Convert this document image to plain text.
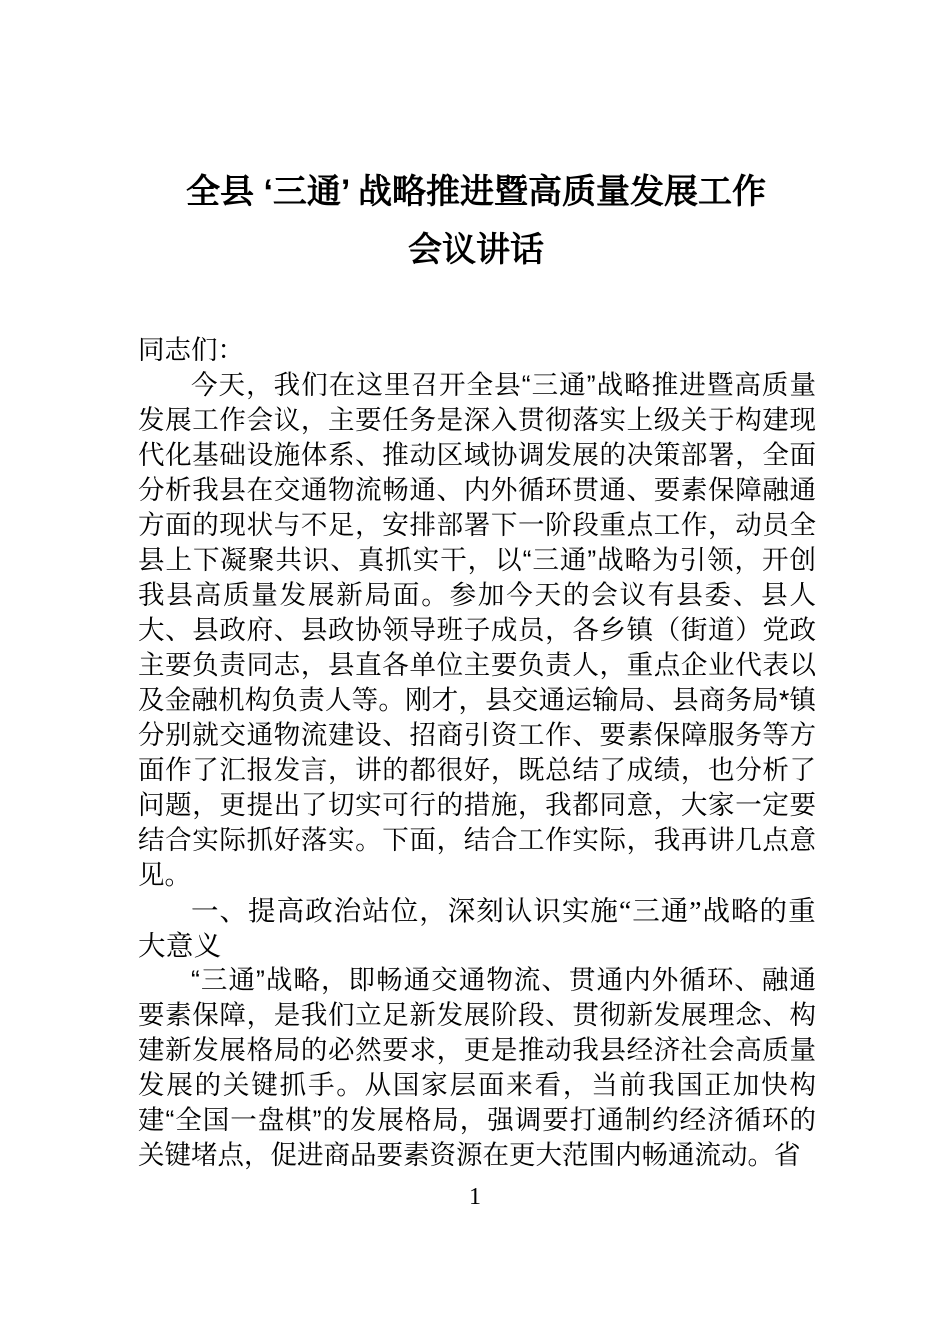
全县 ‘三通’ 战略推进暨高质量发展工作
会议讲话

同志们：

今天，我们在这里召开全县“三通”战略推进暨高质量发展工作会议，主要任务是深入贯彻落实上级关于构建现代化基础设施体系、推动区域协调发展的决策部署，全面分析我县在交通物流畅通、内外循环贯通、要素保障融通方面的现状与不足，安排部署下一阶段重点工作，动员全县上下凝聚共识、真抓实干，以“三通”战略为引领，开创我县高质量发展新局面。参加今天的会议有县委、县人大、县政府、县政协领导班子成员，各乡镇（街道）党政主要负责同志，县直各单位主要负责人，重点企业代表以及金融机构负责人等。刚才，县交通运输局、县商务局*镇分别就交通物流建设、招商引资工作、要素保障服务等方面作了汇报发言，讲的都很好，既总结了成绩，也分析了问题，更提出了切实可行的措施，我都同意，大家一定要结合实际抓好落实。下面，结合工作实际，我再讲几点意见。

一、提高政治站位，深刻认识实施“三通”战略的重大意义

“三通”战略，即畅通交通物流、贯通内外循环、融通要素保障，是我们立足新发展阶段、贯彻新发展理念、构建新发展格局的必然要求，更是推动我县经济社会高质量发展的关键抓手。从国家层面来看，当前我国正加快构建“全国一盘棋”的发展格局，强调要打通制约经济循环的关键堵点，促进商品要素资源在更大范围内畅通流动。省

1
